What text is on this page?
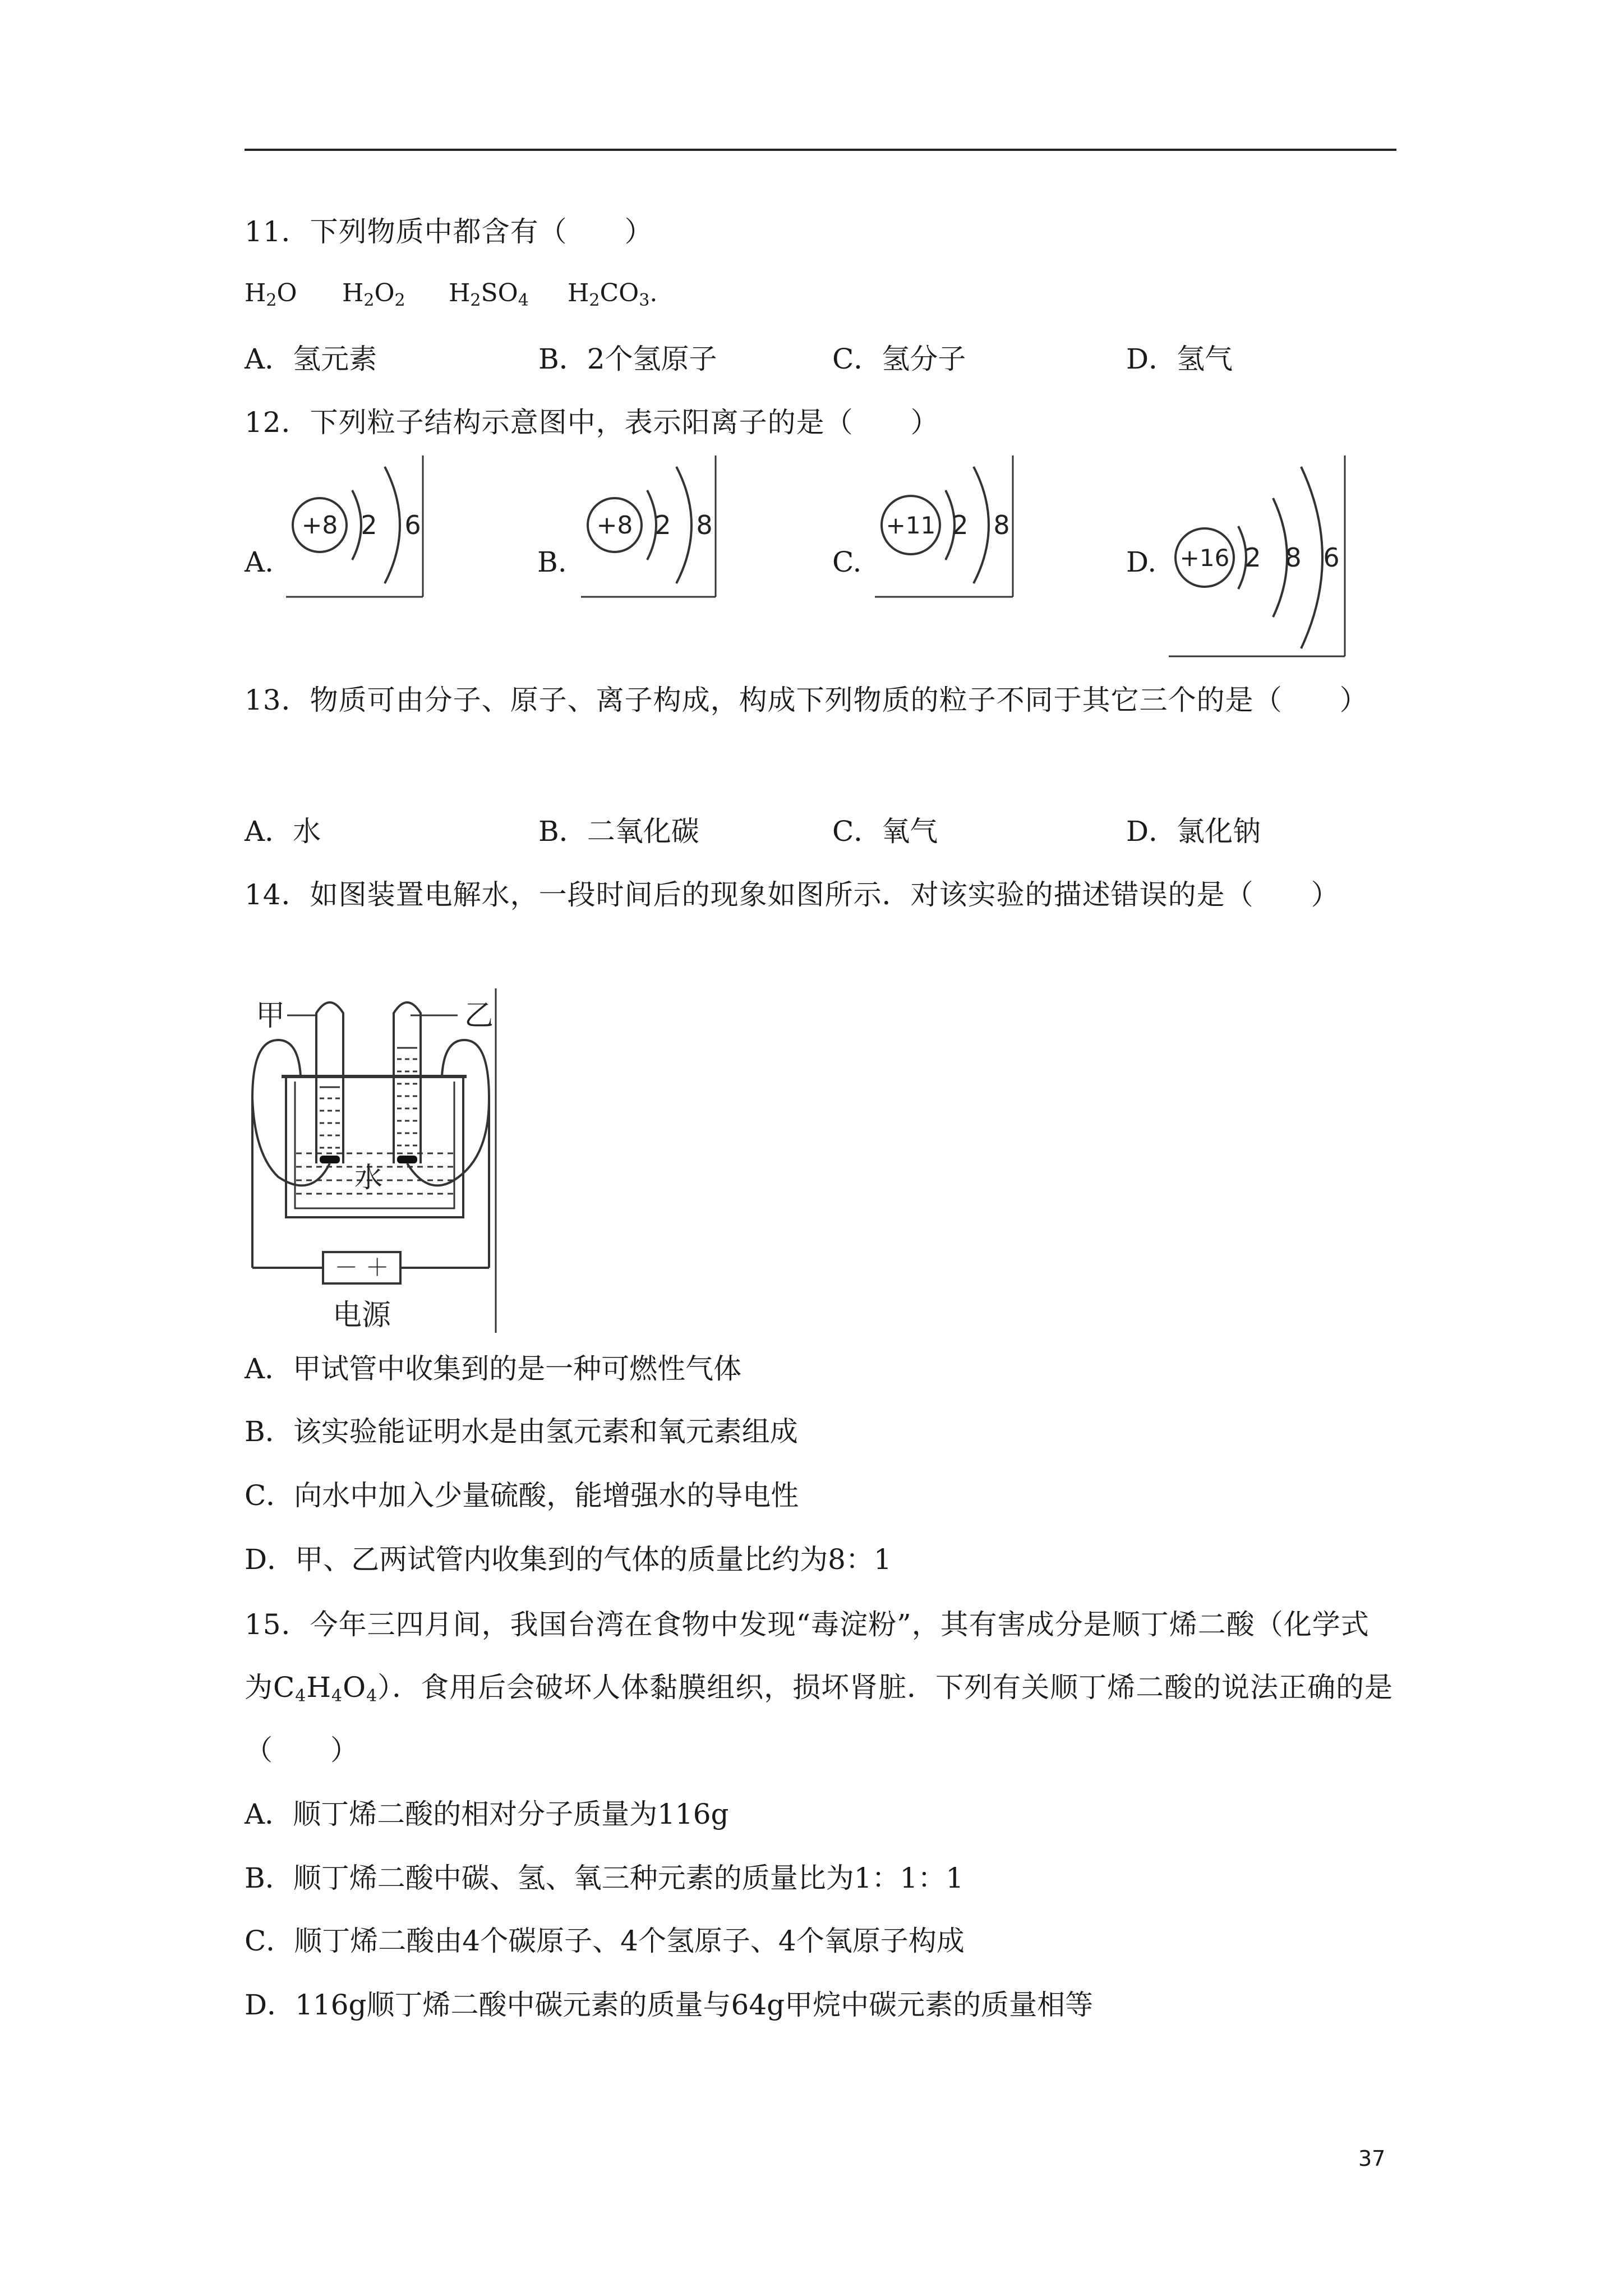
11．下列物质中都含有（　　）
$H_2O$ $H_2O_2$ $H_2SO_4$ $H_2CO_3$.
A．氢元素	B．2个氢原子	C．氢分子	D．氢气
12．下列粒子结构示意图中，表示阳离子的是（　　）
A.
+8 2 6
B.
+8 2 8
C.
+11 2 8
D. +16 2 8 6
13．物质可由分子、原子、离子构成，构成下列物质的粒子不同于其它三个的是（　　）
A．水	B．二氧化碳	C．氧气	D．氯化钠
14．如图装置电解水，一段时间后的现象如图所示．对该实验的描述错误的是（　　）
甲	乙
水
－ ＋
电源
A．甲试管中收集到的是一种可燃性气体
B．该实验能证明水是由氢元素和氧元素组成
C．向水中加入少量硫酸，能增强水的导电性
D．甲、乙两试管内收集到的气体的质量比约为8：1
15．今年三四月间，我国台湾在食物中发现“毒淀粉”，其有害成分是顺丁烯二酸（化学式
为$C_4H_4O_4$）．食用后会破坏人体黏膜组织，损坏肾脏．下列有关顺丁烯二酸的说法正确的是
（　　）
A．顺丁烯二酸的相对分子质量为116g
B．顺丁烯二酸中碳、氢、氧三种元素的质量比为1：1：1
C．顺丁烯二酸由4个碳原子、4个氢原子、4个氧原子构成
D．116g顺丁烯二酸中碳元素的质量与64g甲烷中碳元素的质量相等
37
